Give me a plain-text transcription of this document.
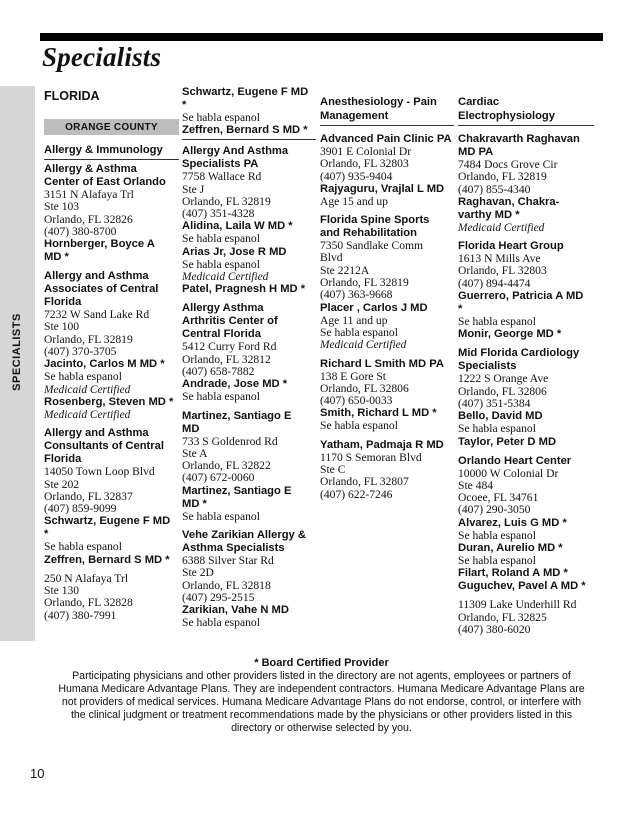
Specialists
SPECIALISTS
FLORIDA
ORANGE COUNTY
Allergy & Immunology
Allergy & Asthma
Center of East Orlando
3151 N Alafaya Trl
Ste 103
Orlando, FL 32826
(407) 380-8700
Hornberger, Boyce A
MD *
Allergy and Asthma
Associates of Central
Florida
7232 W Sand Lake Rd
Ste 100
Orlando, FL 32819
(407) 370-3705
Jacinto, Carlos M MD *
Se habla espanol
Medicaid Certified
Rosenberg, Steven MD *
Medicaid Certified
Allergy and Asthma
Consultants of Central
Florida
14050 Town Loop Blvd
Ste 202
Orlando, FL 32837
(407) 859-9099
Schwartz, Eugene F MD
*
Se habla espanol
Zeffren, Bernard S MD *
250 N Alafaya Trl
Ste 130
Orlando, FL 32828
(407) 380-7991
Schwartz, Eugene F MD
*
Se habla espanol
Zeffren, Bernard S MD *
Allergy And Asthma
Specialists PA
7758 Wallace Rd
Ste J
Orlando, FL 32819
(407) 351-4328
Alidina, Laila W MD *
Se habla espanol
Arias Jr, Jose R MD
Se habla espanol
Medicaid Certified
Patel, Pragnesh H MD *
Allergy Asthma
Arthritis Center of
Central Florida
5412 Curry Ford Rd
Orlando, FL 32812
(407) 658-7882
Andrade, Jose MD *
Se habla espanol
Martinez, Santiago E
MD
733 S Goldenrod Rd
Ste A
Orlando, FL 32822
(407) 672-0060
Martinez, Santiago E
MD *
Se habla espanol
Vehe Zarikian Allergy &
Asthma Specialists
6388 Silver Star Rd
Ste 2D
Orlando, FL 32818
(407) 295-2515
Zarikian, Vahe N MD
Se habla espanol
Anesthesiology - Pain
Management
Advanced Pain Clinic PA
3901 E Colonial Dr
Orlando, FL 32803
(407) 935-9404
Rajyaguru, Vrajlal L MD
Age 15 and up
Florida Spine Sports
and Rehabilitation
7350 Sandlake Comm
Blvd
Ste 2212A
Orlando, FL 32819
(407) 363-9668
Placer , Carlos J MD
Age 11 and up
Se habla espanol
Medicaid Certified
Richard L Smith MD PA
138 E Gore St
Orlando, FL 32806
(407) 650-0033
Smith, Richard L MD *
Se habla espanol
Yatham, Padmaja R MD
1170 S Semoran Blvd
Ste C
Orlando, FL 32807
(407) 622-7246
Cardiac
Electrophysiology
Chakravarth Raghavan
MD PA
7484 Docs Grove Cir
Orlando, FL 32819
(407) 855-4340
Raghavan, Chakra-
varthy MD *
Medicaid Certified
Florida Heart Group
1613 N Mills Ave
Orlando, FL 32803
(407) 894-4474
Guerrero, Patricia A MD
*
Se habla espanol
Monir, George MD *
Mid Florida Cardiology
Specialists
1222 S Orange Ave
Orlando, FL 32806
(407) 351-5384
Bello, David MD
Se habla espanol
Taylor, Peter D MD
Orlando Heart Center
10000 W Colonial Dr
Ste 484
Ocoee, FL 34761
(407) 290-3050
Alvarez, Luis G MD *
Se habla espanol
Duran, Aurelio MD *
Se habla espanol
Filart, Roland A MD *
Guguchev, Pavel A MD *
11309 Lake Underhill Rd
Orlando, FL 32825
(407) 380-6020
* Board Certified Provider
Participating physicians and other providers listed in the directory are not agents, employees or partners of
Humana Medicare Advantage Plans. They are independent contractors. Humana Medicare Advantage Plans are
not providers of medical services. Humana Medicare Advantage Plans do not endorse, control, or interfere with
the clinical judgment or treatment recommendations made by the physicians or other providers listed in this
directory or otherwise selected by you.
10
